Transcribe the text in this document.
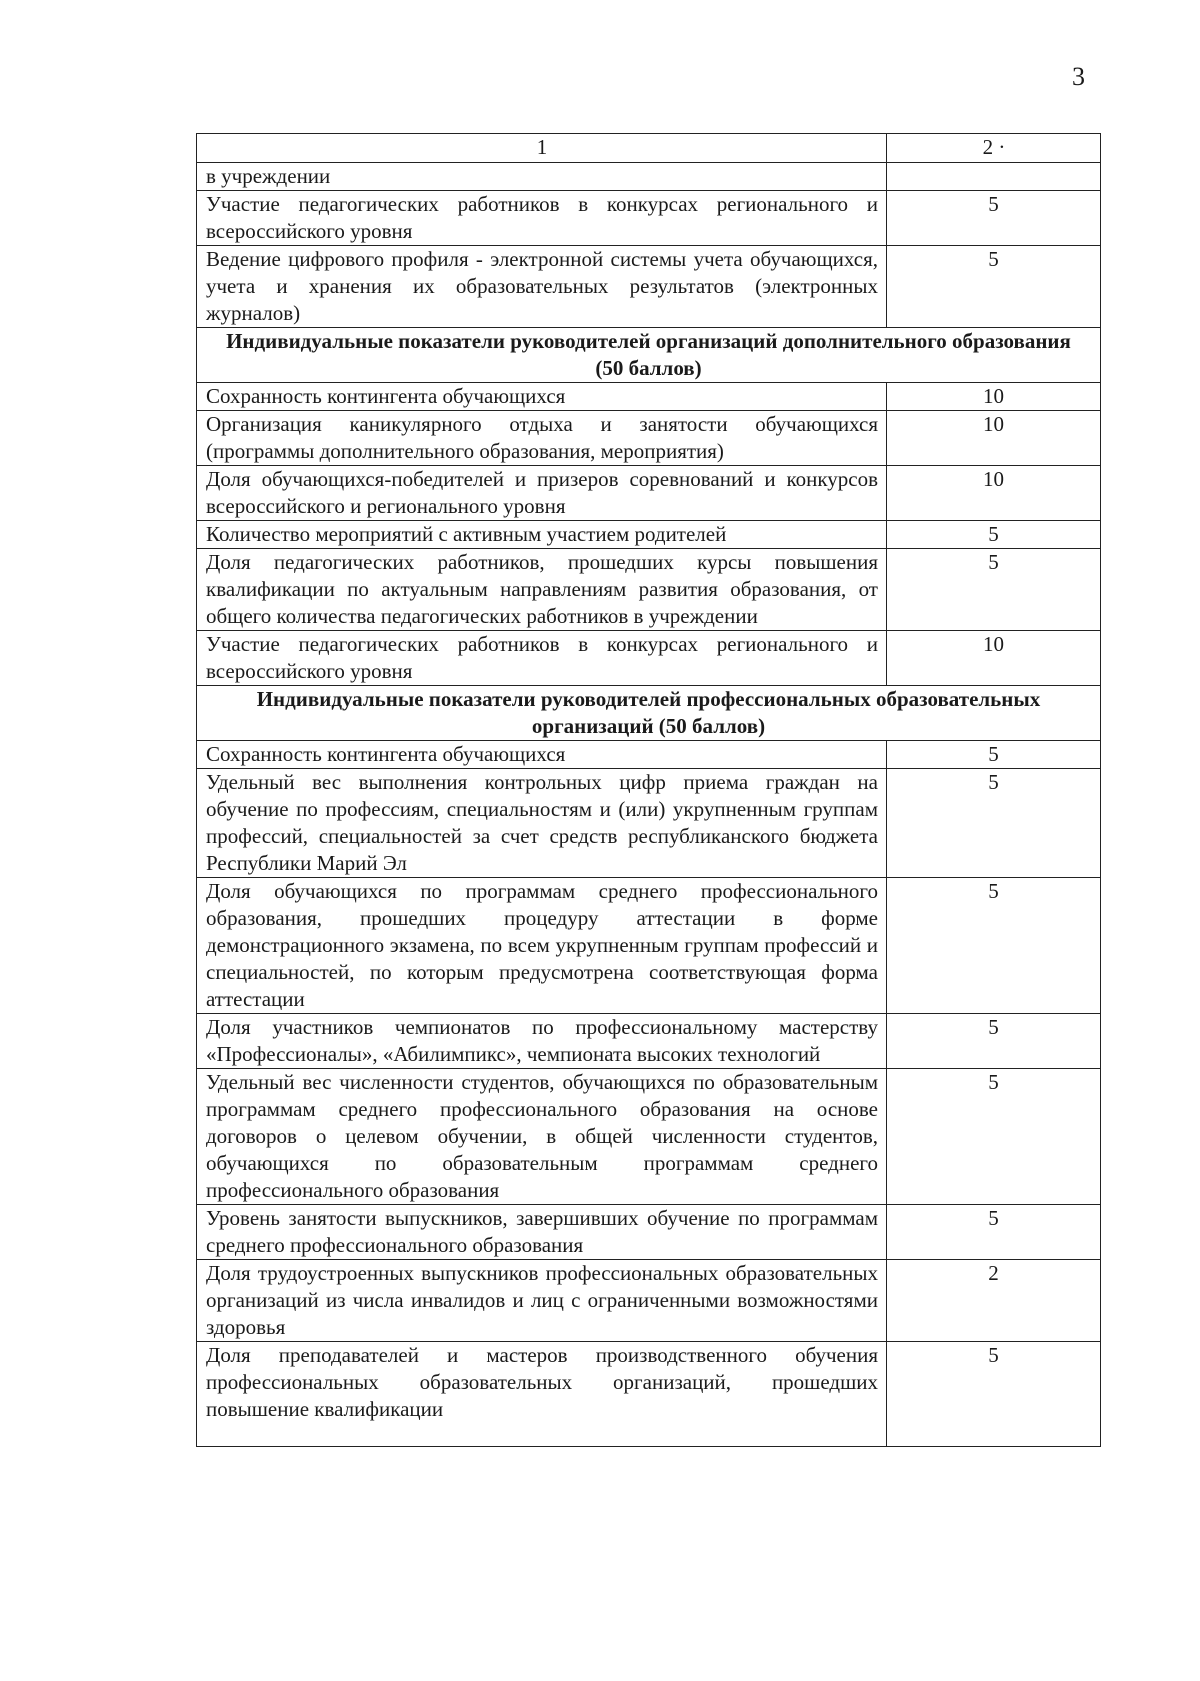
3
1	2 ·
в учреждении	
Участие педагогических работников в конкурсах регионального и всероссийского уровня	5
Ведение цифрового профиля - электронной системы учета обучающихся, учета и хранения их образовательных результатов (электронных журналов)	5
Индивидуальные показатели руководителей организаций дополнительного образования (50 баллов)	
Сохранность контингента обучающихся	10
Организация каникулярного отдыха и занятости обучающихся (программы дополнительного образования, мероприятия)	10
Доля обучающихся-победителей и призеров соревнований и конкурсов всероссийского и регионального уровня	10
Количество мероприятий с активным участием родителей	5
Доля педагогических работников, прошедших курсы повышения квалификации по актуальным направлениям развития образования, от общего количества педагогических работников в учреждении	5
Участие педагогических работников в конкурсах регионального и всероссийского уровня	10
Индивидуальные показатели руководителей профессиональных образовательных организаций (50 баллов)	
Сохранность контингента обучающихся	5
Удельный вес выполнения контрольных цифр приема граждан на обучение по профессиям, специальностям и (или) укрупненным группам профессий, специальностей за счет средств республиканского бюджета Республики Марий Эл	5
Доля обучающихся по программам среднего профессионального образования, прошедших процедуру аттестации в форме демонстрационного экзамена, по всем укрупненным группам профессий и специальностей, по которым предусмотрена соответствующая форма аттестации	5
Доля участников чемпионатов по профессиональному мастерству «Профессионалы», «Абилимпикс», чемпионата высоких технологий	5
Удельный вес численности студентов, обучающихся по образовательным программам среднего профессионального образования на основе договоров о целевом обучении, в общей численности студентов, обучающихся по образовательным программам среднего профессионального образования	5
Уровень занятости выпускников, завершивших обучение по программам среднего профессионального образования	5
Доля трудоустроенных выпускников профессиональных образовательных организаций из числа инвалидов и лиц с ограниченными возможностями здоровья	2
Доля преподавателей и мастеров производственного обучения профессиональных образовательных организаций, прошедших повышение квалификации	5
